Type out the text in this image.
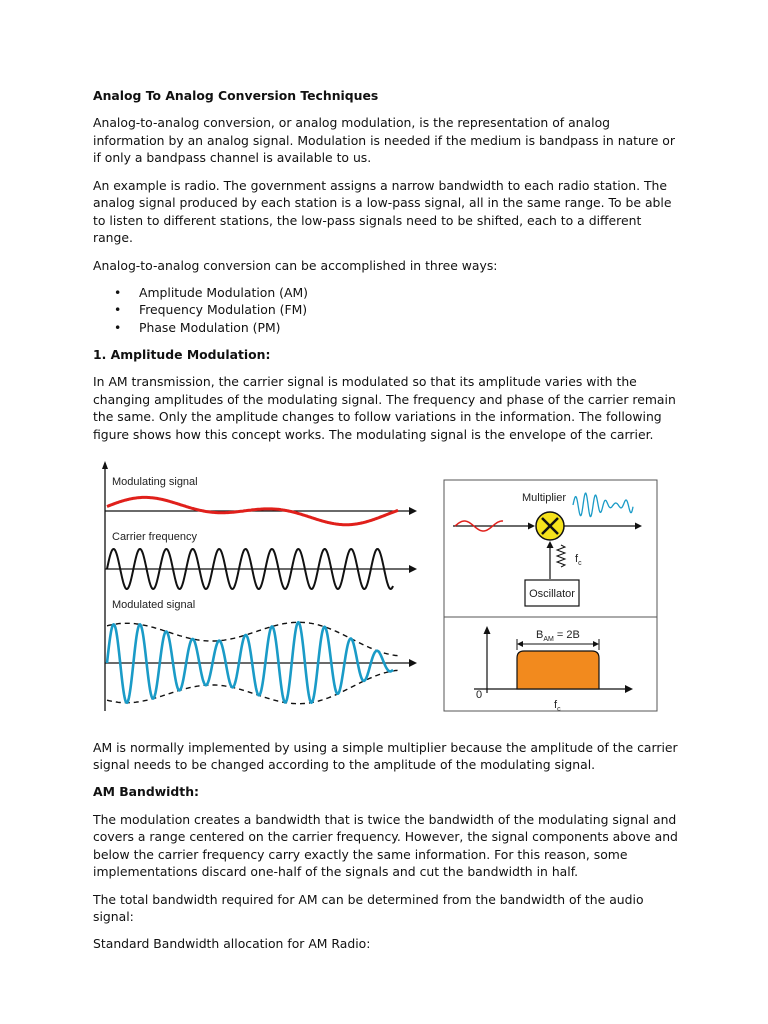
Analog To Analog Conversion Techniques

Analog-to-analog conversion, or analog modulation, is the representation of analog information by an analog signal. Modulation is needed if the medium is bandpass in nature or if only a bandpass channel is available to us.

An example is radio. The government assigns a narrow bandwidth to each radio station. The analog signal produced by each station is a low-pass signal, all in the same range. To be able to listen to different stations, the low-pass signals need to be shifted, each to a different range.

Analog-to-analog conversion can be accomplished in three ways:

• Amplitude Modulation (AM)
• Frequency Modulation (FM)
• Phase Modulation (PM)

1. Amplitude Modulation:

In AM transmission, the carrier signal is modulated so that its amplitude varies with the changing amplitudes of the modulating signal. The frequency and phase of the carrier remain the same. Only the amplitude changes to follow variations in the information. The following figure shows how this concept works. The modulating signal is the envelope of the carrier.

Modulating signal
Carrier frequency
Modulated signal
Multiplier
$f_c$
Oscillator
0
$B_{AM} = 2B$
$f_c$

AM is normally implemented by using a simple multiplier because the amplitude of the carrier signal needs to be changed according to the amplitude of the modulating signal.

AM Bandwidth:

The modulation creates a bandwidth that is twice the bandwidth of the modulating signal and covers a range centered on the carrier frequency. However, the signal components above and below the carrier frequency carry exactly the same information. For this reason, some implementations discard one-half of the signals and cut the bandwidth in half.

The total bandwidth required for AM can be determined from the bandwidth of the audio signal:

Standard Bandwidth allocation for AM Radio:
